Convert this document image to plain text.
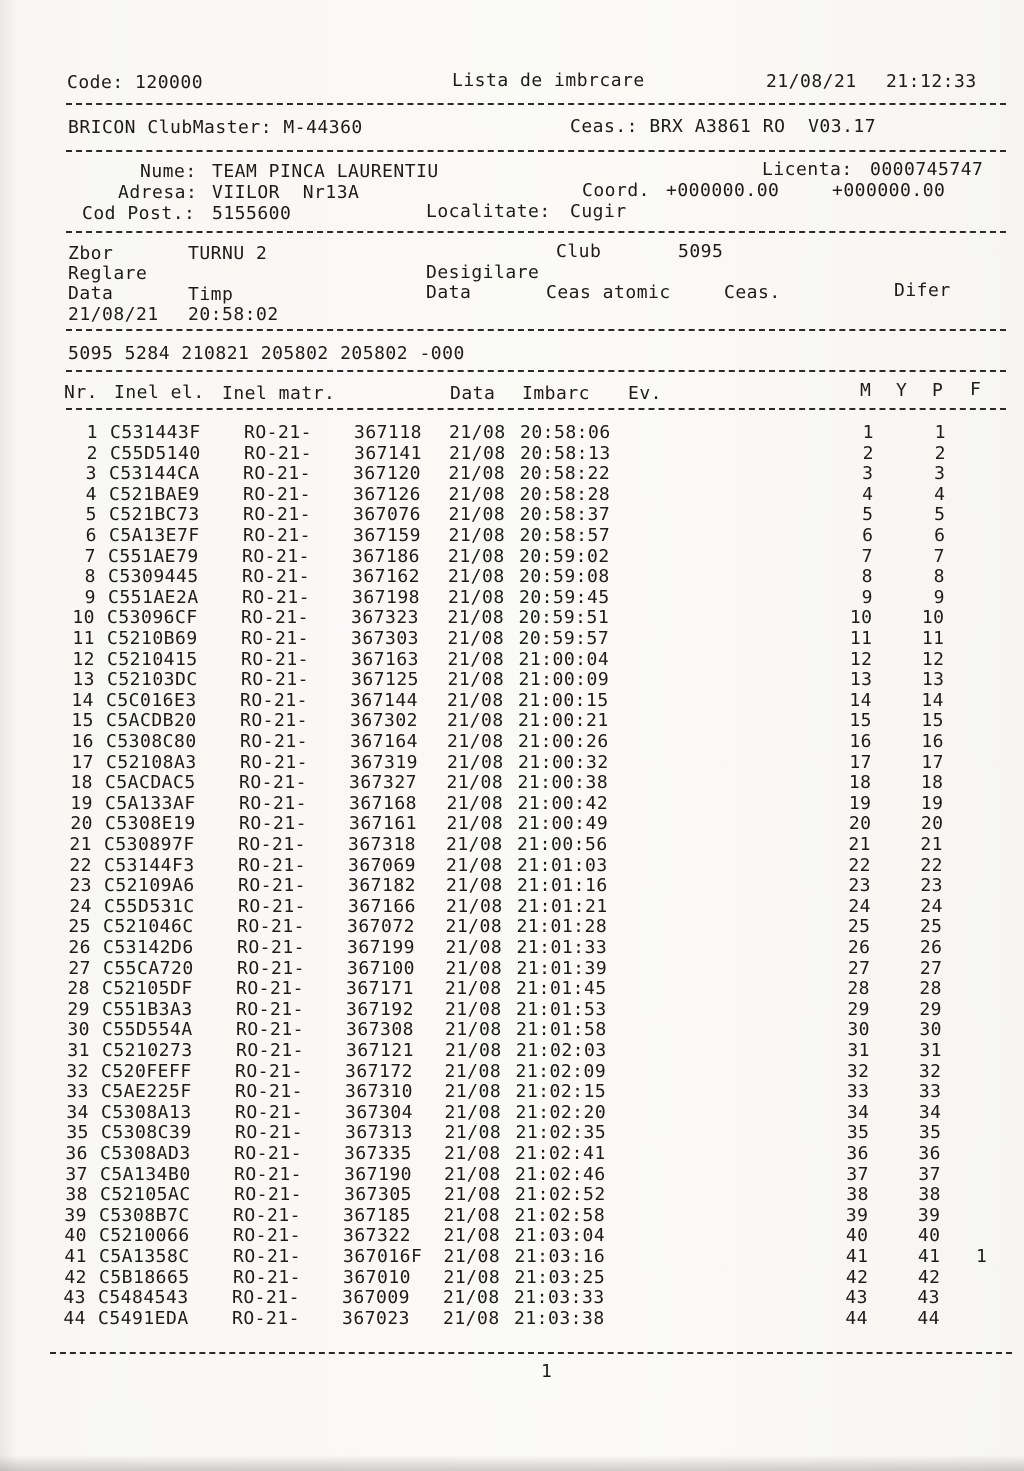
Code: 120000	Lista de imbrcare	21/08/21 21:12:33
BRICON ClubMaster: M-44360	Ceas.: BRX A3861 RO  V03.17
Nume: TEAM PINCA LAURENTIU	Licenta: 0000745747
Adresa: VIILOR  Nr13A	Coord. +000000.00	+000000.00
Cod Post.: 5155600	Localitate: Cugir
Zbor	TURNU 2	Club	5095
Reglare	Desigilare
Data	Timp	Data	Ceas atomic	Ceas.	Difer
21/08/21 20:58:02
5095 5284 210821 205802 205802 -000
Nr. Inel el. Inel matr.	Data Imbarc Ev.	M Y P F
1 C531443F RO-21- 367118 21/08 20:58:06	1	1
2 C55D5140 RO-21- 367141 21/08 20:58:13	2	2
3 C53144CA RO-21- 367120 21/08 20:58:22	3	3
4 C521BAE9 RO-21- 367126 21/08 20:58:28	4	4
5 C521BC73 RO-21- 367076 21/08 20:58:37	5	5
6 C5A13E7F RO-21- 367159 21/08 20:58:57	6	6
7 C551AE79 RO-21- 367186 21/08 20:59:02	7	7
8 C5309445 RO-21- 367162 21/08 20:59:08	8	8
9 C551AE2A RO-21- 367198 21/08 20:59:45	9	9
10 C53096CF RO-21- 367323 21/08 20:59:51	10	10
11 C5210B69 RO-21- 367303 21/08 20:59:57	11	11
12 C5210415 RO-21- 367163 21/08 21:00:04	12	12
13 C52103DC RO-21- 367125 21/08 21:00:09	13	13
14 C5C016E3 RO-21- 367144 21/08 21:00:15	14	14
15 C5ACDB20 RO-21- 367302 21/08 21:00:21	15	15
16 C5308C80 RO-21- 367164 21/08 21:00:26	16	16
17 C52108A3 RO-21- 367319 21/08 21:00:32	17	17
18 C5ACDAC5 RO-21- 367327 21/08 21:00:38	18	18
19 C5A133AF RO-21- 367168 21/08 21:00:42	19	19
20 C5308E19 RO-21- 367161 21/08 21:00:49	20	20
21 C530897F RO-21- 367318 21/08 21:00:56	21	21
22 C53144F3 RO-21- 367069 21/08 21:01:03	22	22
23 C52109A6 RO-21- 367182 21/08 21:01:16	23	23
24 C55D531C RO-21- 367166 21/08 21:01:21	24	24
25 C521046C RO-21- 367072 21/08 21:01:28	25	25
26 C53142D6 RO-21- 367199 21/08 21:01:33	26	26
27 C55CA720 RO-21- 367100 21/08 21:01:39	27	27
28 C52105DF RO-21- 367171 21/08 21:01:45	28	28
29 C551B3A3 RO-21- 367192 21/08 21:01:53	29	29
30 C55D554A RO-21- 367308 21/08 21:01:58	30	30
31 C5210273 RO-21- 367121 21/08 21:02:03	31	31
32 C520FEFF RO-21- 367172 21/08 21:02:09	32	32
33 C5AE225F RO-21- 367310 21/08 21:02:15	33	33
34 C5308A13 RO-21- 367304 21/08 21:02:20	34	34
35 C5308C39 RO-21- 367313 21/08 21:02:35	35	35
36 C5308AD3 RO-21- 367335 21/08 21:02:41	36	36
37 C5A134B0 RO-21- 367190 21/08 21:02:46	37	37
38 C52105AC RO-21- 367305 21/08 21:02:52	38	38
39 C5308B7C RO-21- 367185 21/08 21:02:58	39	39
40 C5210066 RO-21- 367322 21/08 21:03:04	40	40
41 C5A1358C RO-21- 367016F 21/08 21:03:16	41	41 1
42 C5B18665 RO-21- 367010 21/08 21:03:25	42	42
43 C5484543 RO-21- 367009 21/08 21:03:33	43	43
44 C5491EDA RO-21- 367023 21/08 21:03:38	44	44
1
